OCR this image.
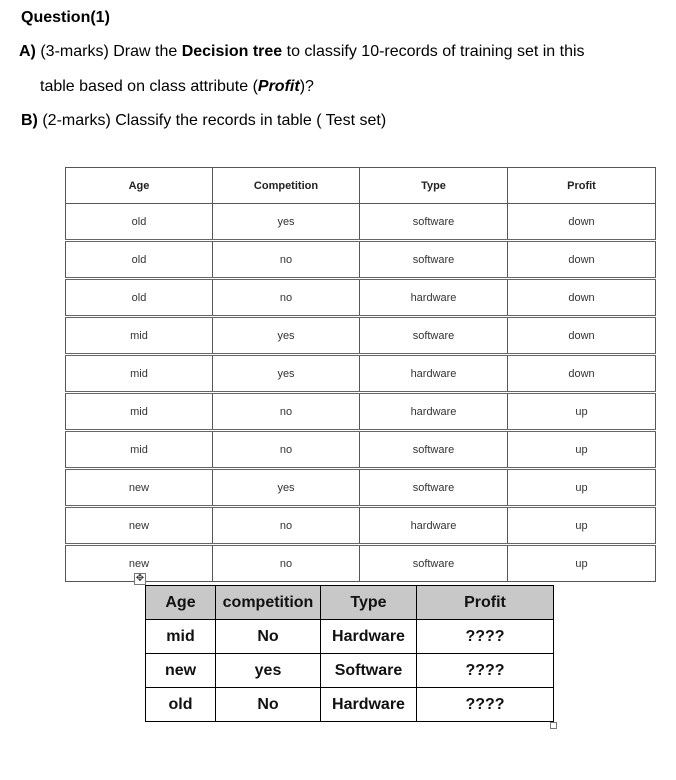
Question(1)
A) (3-marks) Draw the Decision tree to classify 10-records of training set in this
table based on class attribute (Profit)?
B) (2-marks) Classify the records in table ( Test set)
Age	Competition	Type	Profit
old	yes	software	down
old	no	software	down
old	no	hardware	down
mid	yes	software	down
mid	yes	hardware	down
mid	no	hardware	up
mid	no	software	up
new	yes	software	up
new	no	hardware	up
new	no	software	up
✥
Age	competition	Type	Profit
mid	No	Hardware	????
new	yes	Software	????
old	No	Hardware	????
